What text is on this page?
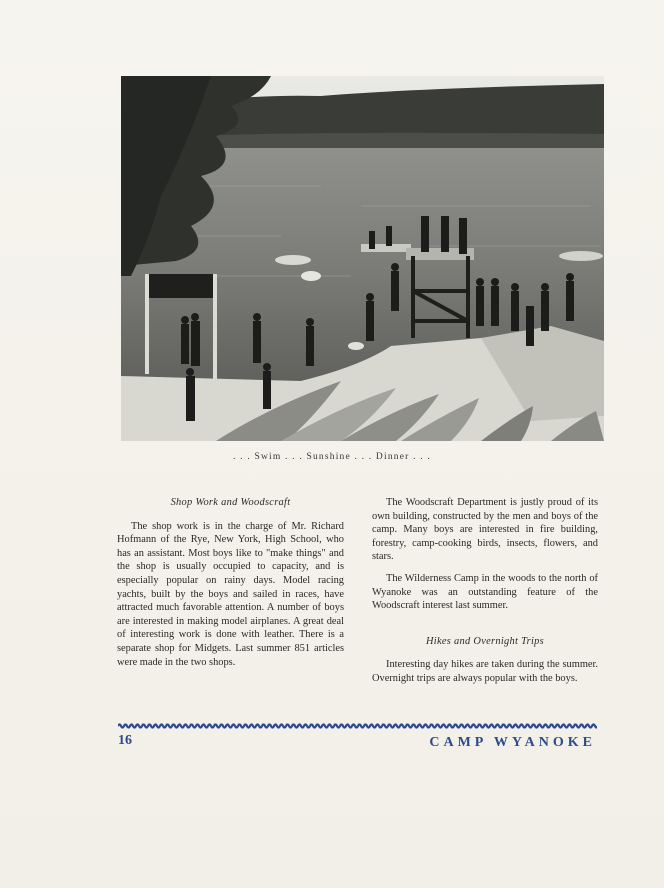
. . . Swim . . . Sunshine . . . Dinner . . .

Shop Work and Woodscraft

The shop work is in the charge of Mr. Richard Hofmann of the Rye, New York, High School, who has an assistant. Most boys like to "make things" and the shop is usually occupied to capacity, and is especially popular on rainy days. Model racing yachts, built by the boys and sailed in races, have attracted much favorable attention. A number of boys are interested in making model airplanes. A great deal of interesting work is done with leather. There is a separate shop for Midgets. Last summer 851 articles were made in the two shops.

The Woodscraft Department is justly proud of its own building, constructed by the men and boys of the camp. Many boys are interested in fire building, forestry, camp-cooking birds, insects, flowers, and stars.

The Wilderness Camp in the woods to the north of Wyanoke was an outstanding feature of the Woodscraft interest last summer.

Hikes and Overnight Trips

Interesting day hikes are taken during the summer. Overnight trips are always popular with the boys.

16	CAMP WYANOKE
